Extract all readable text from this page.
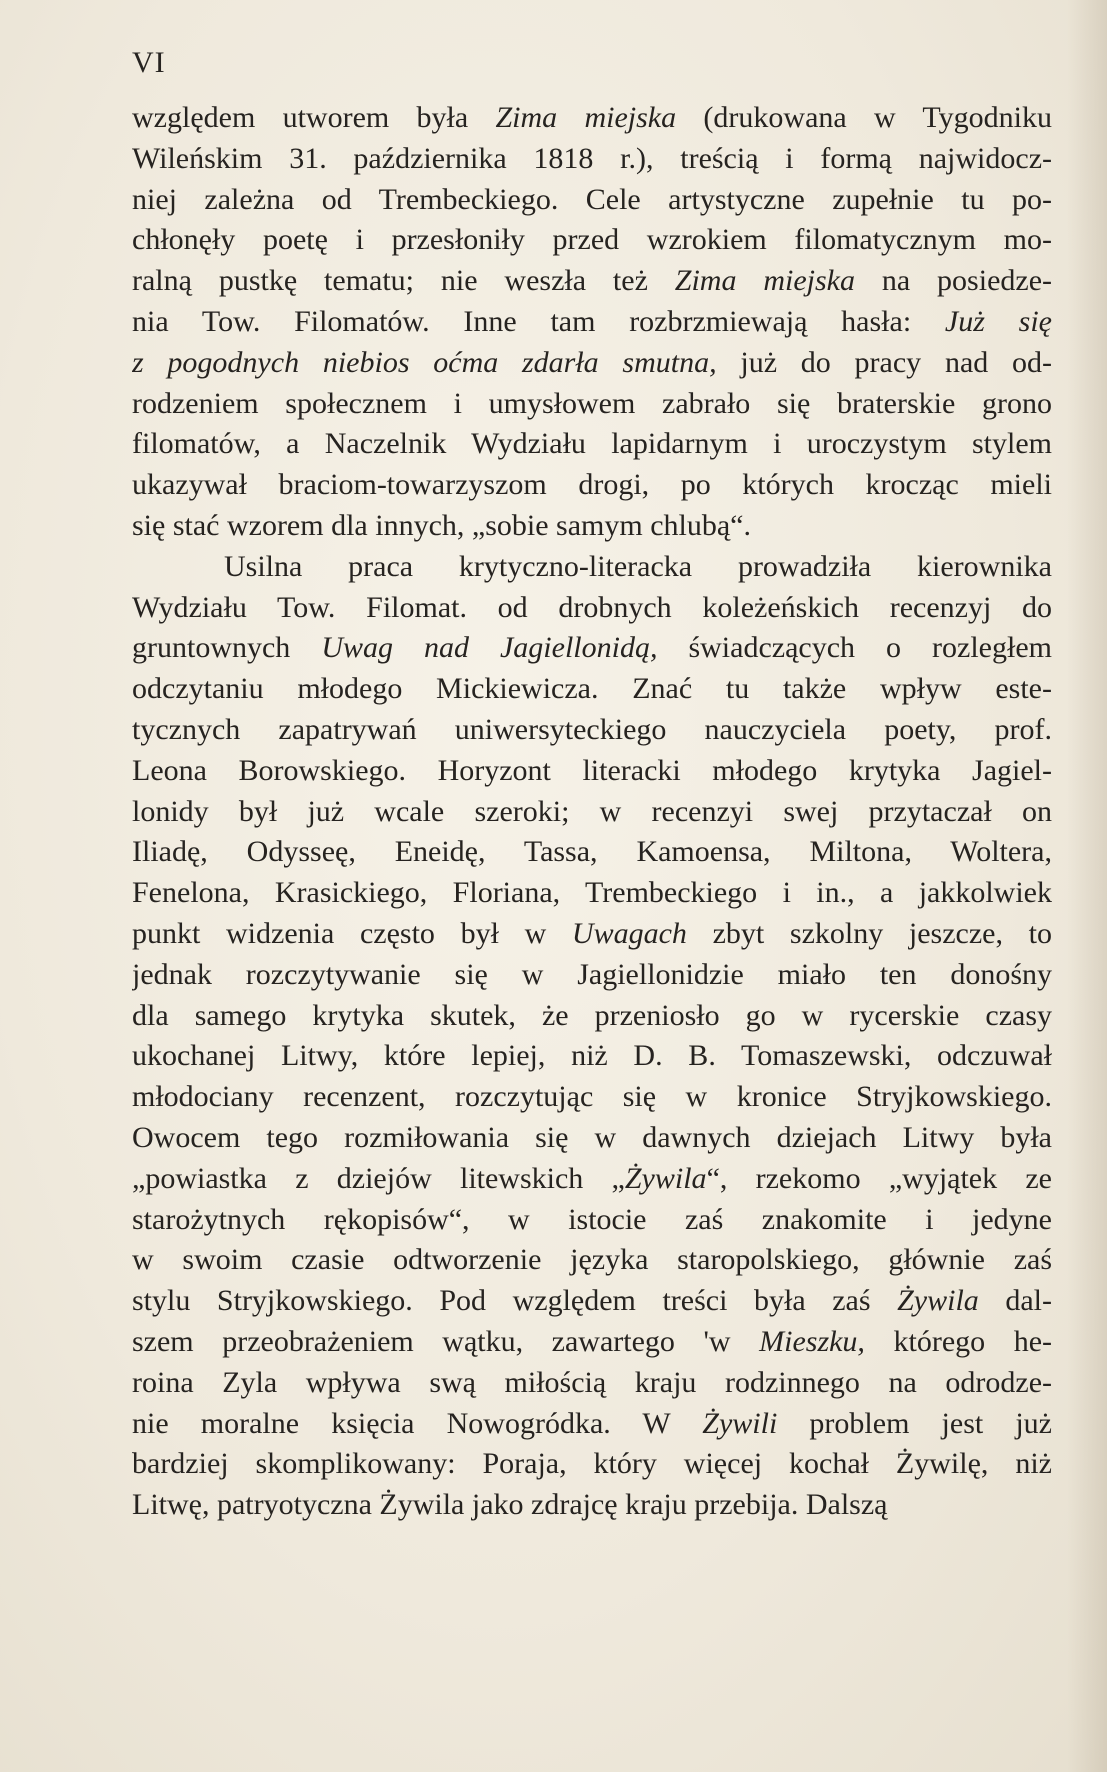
VI
względem utworem była Zima miejska (drukowana w Tygodniku
Wileńskim 31. października 1818 r.), treścią i formą najwidocz-
niej zależna od Trembeckiego. Cele artystyczne zupełnie tu po-
chłonęły poetę i przesłoniły przed wzrokiem filomatycznym mo-
ralną pustkę tematu; nie weszła też Zima miejska na posiedze-
nia Tow. Filomatów. Inne tam rozbrzmiewają hasła: Już się
z pogodnych niebios oćma zdarła smutna, już do pracy nad od-
rodzeniem społecznem i umysłowem zabrało się braterskie grono
filomatów, a Naczelnik Wydziału lapidarnym i uroczystym stylem
ukazywał braciom-towarzyszom drogi, po których krocząc mieli
się stać wzorem dla innych, „sobie samym chlubą“.
Usilna praca krytyczno-literacka prowadziła kierownika
Wydziału Tow. Filomat. od drobnych koleżeńskich recenzyj do
gruntownych Uwag nad Jagiellonidą, świadczących o rozległem
odczytaniu młodego Mickiewicza. Znać tu także wpływ este-
tycznych zapatrywań uniwersyteckiego nauczyciela poety, prof.
Leona Borowskiego. Horyzont literacki młodego krytyka Jagiel-
lonidy był już wcale szeroki; w recenzyi swej przytaczał on
Iliadę, Odysseę, Eneidę, Tassa, Kamoensa, Miltona, Woltera,
Fenelona, Krasickiego, Floriana, Trembeckiego i in., a jakkolwiek
punkt widzenia często był w Uwagach zbyt szkolny jeszcze, to
jednak rozczytywanie się w Jagiellonidzie miało ten donośny
dla samego krytyka skutek, że przeniosło go w rycerskie czasy
ukochanej Litwy, które lepiej, niż D. B. Tomaszewski, odczuwał
młodociany recenzent, rozczytując się w kronice Stryjkowskiego.
Owocem tego rozmiłowania się w dawnych dziejach Litwy była
„powiastka z dziejów litewskich „Żywila“, rzekomo „wyjątek ze
starożytnych rękopisów“, w istocie zaś znakomite i jedyne
w swoim czasie odtworzenie języka staropolskiego, głównie zaś
stylu Stryjkowskiego. Pod względem treści była zaś Żywila dal-
szem przeobrażeniem wątku, zawartego 'w Mieszku, którego he-
roina Zyla wpływa swą miłością kraju rodzinnego na odrodze-
nie moralne księcia Nowogródka. W Żywili problem jest już
bardziej skomplikowany: Poraja, który więcej kochał Żywilę, niż
Litwę, patryotyczna Żywila jako zdrajcę kraju przebija. Dalszą
